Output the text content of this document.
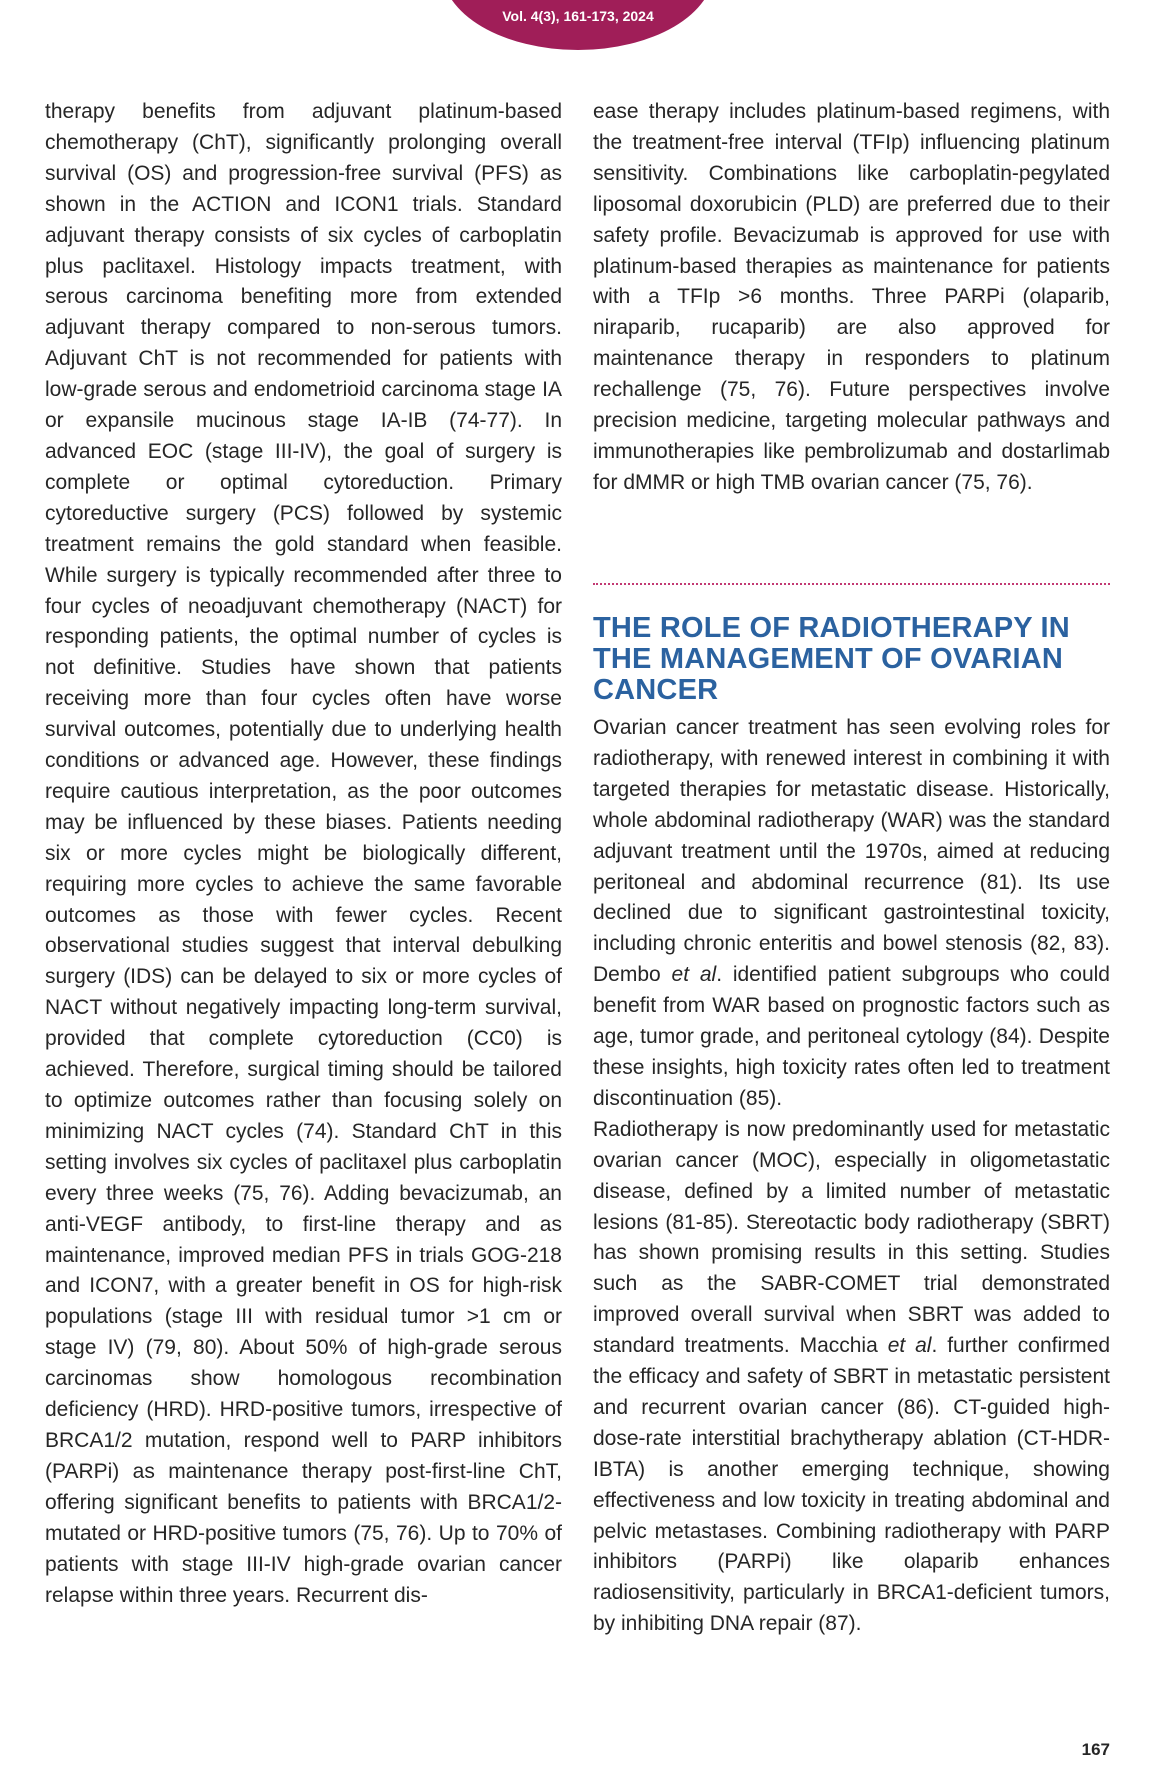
Vol. 4(3), 161-173, 2024

therapy benefits from adjuvant platinum-based chemotherapy (ChT), significantly prolonging overall survival (OS) and progression-free survival (PFS) as shown in the ACTION and ICON1 trials. Standard adjuvant therapy consists of six cycles of carboplatin plus paclitaxel. Histology impacts treatment, with serous carcinoma benefiting more from extended adjuvant therapy compared to non-serous tumors. Adjuvant ChT is not recommended for patients with low-grade serous and endometrioid carcinoma stage IA or expansile mucinous stage IA-IB (74-77). In advanced EOC (stage III-IV), the goal of surgery is complete or optimal cytoreduction. Primary cytoreductive surgery (PCS) followed by systemic treatment remains the gold standard when feasible. While surgery is typically recommended after three to four cycles of neoadjuvant chemotherapy (NACT) for responding patients, the optimal number of cycles is not definitive. Studies have shown that patients receiving more than four cycles often have worse survival outcomes, potentially due to underlying health conditions or advanced age. However, these findings require cautious interpretation, as the poor outcomes may be influenced by these biases. Patients needing six or more cycles might be biologically different, requiring more cycles to achieve the same favorable outcomes as those with fewer cycles. Recent observational studies suggest that interval debulking surgery (IDS) can be delayed to six or more cycles of NACT without negatively impacting long-term survival, provided that complete cytoreduction (CC0) is achieved. Therefore, surgical timing should be tailored to optimize outcomes rather than focusing solely on minimizing NACT cycles (74). Standard ChT in this setting involves six cycles of paclitaxel plus carboplatin every three weeks (75, 76). Adding bevacizumab, an anti-VEGF antibody, to first-line therapy and as maintenance, improved median PFS in trials GOG-218 and ICON7, with a greater benefit in OS for high-risk populations (stage III with residual tumor >1 cm or stage IV) (79, 80). About 50% of high-grade serous carcinomas show homologous recombination deficiency (HRD). HRD-positive tumors, irrespective of BRCA1/2 mutation, respond well to PARP inhibitors (PARPi) as maintenance therapy post-first-line ChT, offering significant benefits to patients with BRCA1/2-mutated or HRD-positive tumors (75, 76). Up to 70% of patients with stage III-IV high-grade ovarian cancer relapse within three years. Recurrent dis-

ease therapy includes platinum-based regimens, with the treatment-free interval (TFIp) influencing platinum sensitivity. Combinations like carboplatin-pegylated liposomal doxorubicin (PLD) are preferred due to their safety profile. Bevacizumab is approved for use with platinum-based therapies as maintenance for patients with a TFIp >6 months. Three PARPi (olaparib, niraparib, rucaparib) are also approved for maintenance therapy in responders to platinum rechallenge (75, 76). Future perspectives involve precision medicine, targeting molecular pathways and immunotherapies like pembrolizumab and dostarlimab for dMMR or high TMB ovarian cancer (75, 76).

THE ROLE OF RADIOTHERAPY IN THE MANAGEMENT OF OVARIAN CANCER

Ovarian cancer treatment has seen evolving roles for radiotherapy, with renewed interest in combining it with targeted therapies for metastatic disease. Historically, whole abdominal radiotherapy (WAR) was the standard adjuvant treatment until the 1970s, aimed at reducing peritoneal and abdominal recurrence (81). Its use declined due to significant gastrointestinal toxicity, including chronic enteritis and bowel stenosis (82, 83). Dembo et al. identified patient subgroups who could benefit from WAR based on prognostic factors such as age, tumor grade, and peritoneal cytology (84). Despite these insights, high toxicity rates often led to treatment discontinuation (85).

Radiotherapy is now predominantly used for metastatic ovarian cancer (MOC), especially in oligometastatic disease, defined by a limited number of metastatic lesions (81-85). Stereotactic body radiotherapy (SBRT) has shown promising results in this setting. Studies such as the SABR-COMET trial demonstrated improved overall survival when SBRT was added to standard treatments. Macchia et al. further confirmed the efficacy and safety of SBRT in metastatic persistent and recurrent ovarian cancer (86). CT-guided high-dose-rate interstitial brachytherapy ablation (CT-HDR-IBTA) is another emerging technique, showing effectiveness and low toxicity in treating abdominal and pelvic metastases. Combining radiotherapy with PARP inhibitors (PARPi) like olaparib enhances radiosensitivity, particularly in BRCA1-deficient tumors, by inhibiting DNA repair (87).

167
